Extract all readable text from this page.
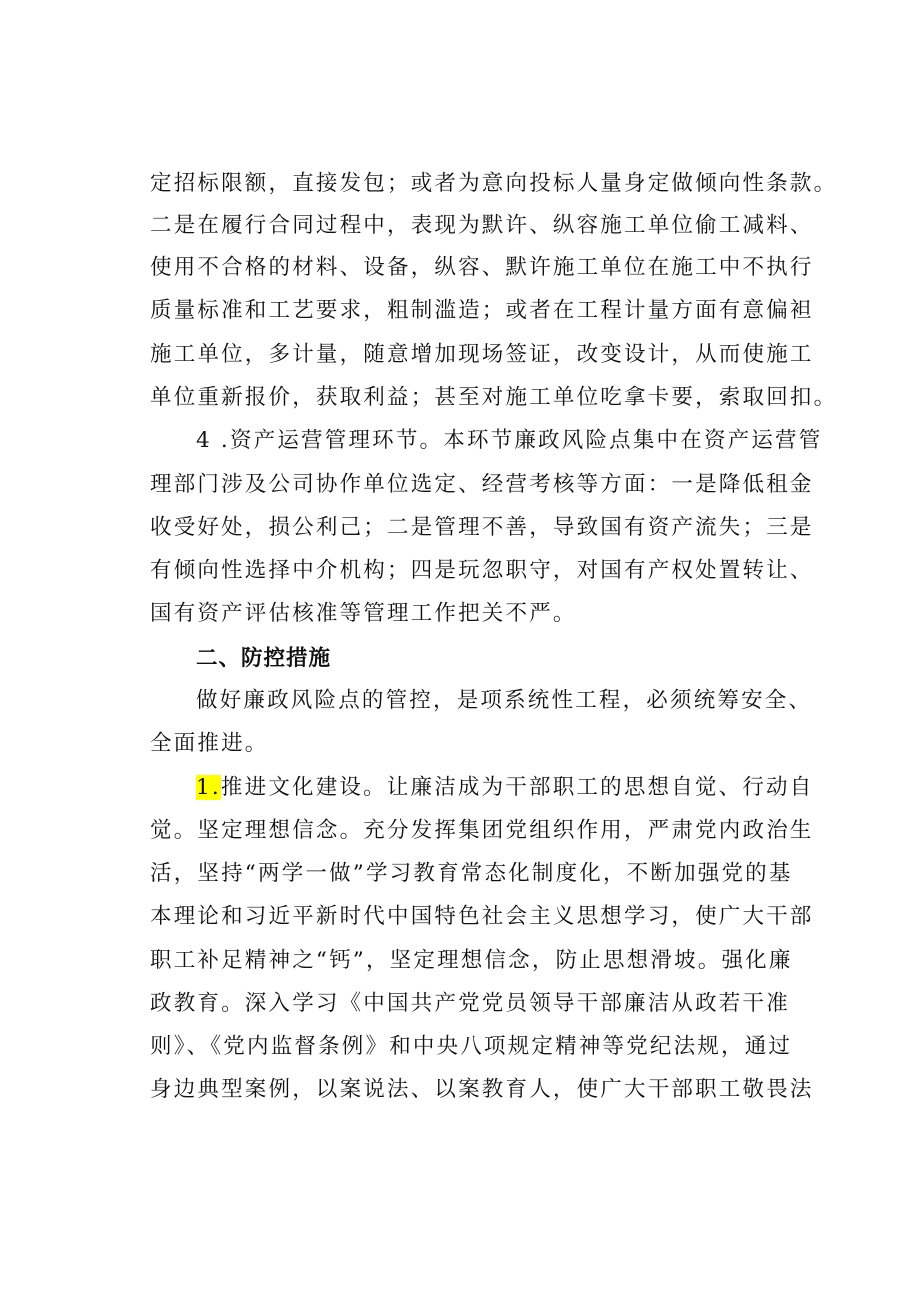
定招标限额，直接发包；或者为意向投标人量身定做倾向性条款。
二是在履行合同过程中，表现为默许、纵容施工单位偷工减料、
使用不合格的材料、设备，纵容、默许施工单位在施工中不执行
质量标准和工艺要求，粗制滥造；或者在工程计量方面有意偏袒
施工单位，多计量，随意增加现场签证，改变设计，从而使施工
单位重新报价，获取利益；甚至对施工单位吃拿卡要，索取回扣。
4 .资产运营管理环节。本环节廉政风险点集中在资产运营管
理部门涉及公司协作单位选定、经营考核等方面：一是降低租金
收受好处，损公利己；二是管理不善，导致国有资产流失；三是
有倾向性选择中介机构；四是玩忽职守，对国有产权处置转让、
国有资产评估核准等管理工作把关不严。
二、防控措施
做好廉政风险点的管控，是项系统性工程，必须统筹安全、
全面推进。
1.推进文化建设。让廉洁成为干部职工的思想自觉、行动自
觉。坚定理想信念。充分发挥集团党组织作用，严肃党内政治生
活，坚持“两学一做”学习教育常态化制度化，不断加强党的基
本理论和习近平新时代中国特色社会主义思想学习，使广大干部
职工补足精神之“钙”，坚定理想信念，防止思想滑坡。强化廉
政教育。深入学习《中国共产党党员领导干部廉洁从政若干准
则》、《党内监督条例》和中央八项规定精神等党纪法规，通过
身边典型案例，以案说法、以案教育人，使广大干部职工敬畏法
